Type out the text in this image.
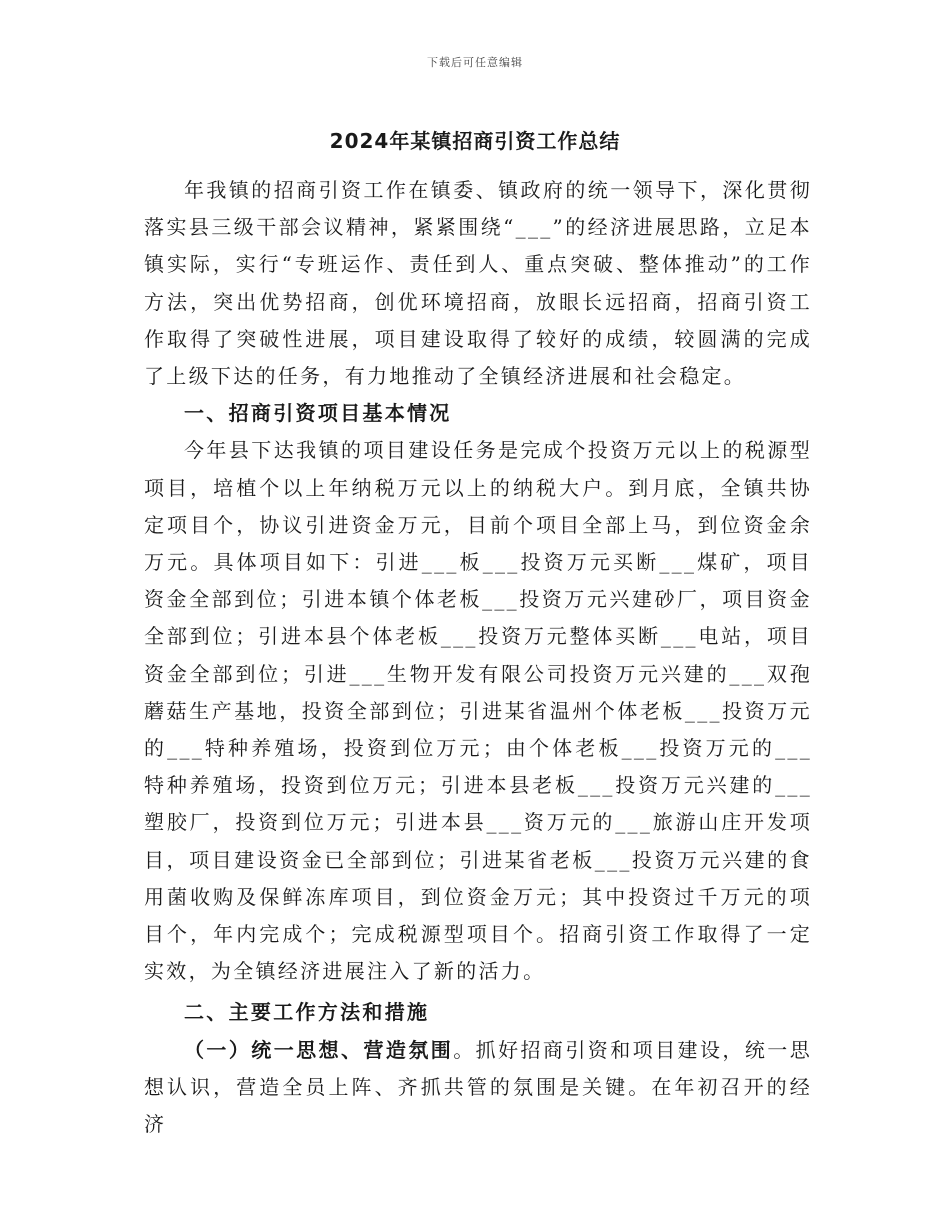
下载后可任意编辑
2024年某镇招商引资工作总结

年我镇的招商引资工作在镇委、镇政府的统一领导下，深化贯彻落实县三级干部会议精神，紧紧围绕“___”的经济进展思路，立足本镇实际，实行“专班运作、责任到人、重点突破、整体推动”的工作方法，突出优势招商，创优环境招商，放眼长远招商，招商引资工作取得了突破性进展，项目建设取得了较好的成绩，较圆满的完成了上级下达的任务，有力地推动了全镇经济进展和社会稳定。

一、招商引资项目基本情况

今年县下达我镇的项目建设任务是完成个投资万元以上的税源型项目，培植个以上年纳税万元以上的纳税大户。到月底，全镇共协定项目个，协议引进资金万元，目前个项目全部上马，到位资金余万元。具体项目如下：引进___板___投资万元买断___煤矿，项目资金全部到位；引进本镇个体老板___投资万元兴建砂厂，项目资金全部到位；引进本县个体老板___投资万元整体买断___电站，项目资金全部到位；引进___生物开发有限公司投资万元兴建的___双孢蘑菇生产基地，投资全部到位；引进某省温州个体老板___投资万元的___特种养殖场，投资到位万元；由个体老板___投资万元的___特种养殖场，投资到位万元；引进本县老板___投资万元兴建的___塑胶厂，投资到位万元；引进本县___资万元的___旅游山庄开发项目，项目建设资金已全部到位；引进某省老板___投资万元兴建的食用菌收购及保鲜冻库项目，到位资金万元；其中投资过千万元的项目个，年内完成个；完成税源型项目个。招商引资工作取得了一定实效，为全镇经济进展注入了新的活力。

二、主要工作方法和措施

（一）统一思想、营造氛围。抓好招商引资和项目建设，统一思想认识，营造全员上阵、齐抓共管的氛围是关键。在年初召开的经济
